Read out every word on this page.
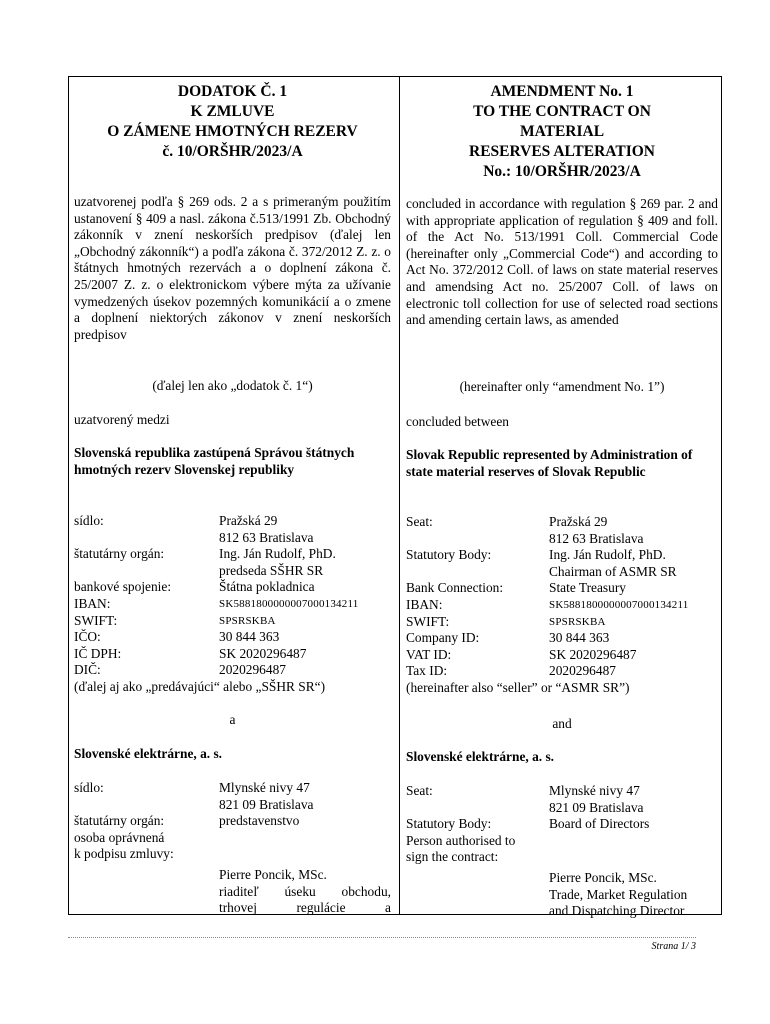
DODATOK Č. 1
K ZMLUVE
O ZÁMENE HMOTNÝCH REZERV
č. 10/ORŠHR/2023/A
uzatvorenej podľa § 269 ods. 2 a s primeraným použitím ustanovení § 409 a nasl. zákona č.513/1991 Zb. Obchodný zákonník v znení neskorších predpisov (ďalej len „Obchodný zákonník“) a podľa zákona č. 372/2012 Z. z. o štátnych hmotných rezervách a o doplnení zákona č. 25/2007 Z. z. o elektronickom výbere mýta za užívanie vymedzených úsekov pozemných komunikácií a o zmene a doplnení niektorých zákonov v znení neskorších predpisov
(ďalej len ako „dodatok č. 1“)
uzatvorený medzi
Slovenská republika zastúpená Správou štátnych hmotných rezerv Slovenskej republiky
sídlo:	Pražská 29
812 63 Bratislava
štatutárny orgán:	Ing. Ján Rudolf, PhD.
predseda SŠHR SR
bankové spojenie:	Štátna pokladnica
IBAN:	SK5881800000007000134211
SWIFT:	SPSRSKBA
IČO:	30 844 363
IČ DPH:	SK 2020296487
DIČ:	2020296487
(ďalej aj ako „predávajúci“ alebo „SŠHR SR“)
a
Slovenské elektrárne, a. s.
sídlo:	Mlynské nivy 47
821 09 Bratislava
štatutárny orgán:	predstavenstvo
osoba oprávnená
k podpisu zmluvy:
Pierre Poncik, MSc.
riaditeľ úseku obchodu,
trhovej regulácie a
AMENDMENT No. 1
TO THE CONTRACT ON
MATERIAL
RESERVES ALTERATION
No.: 10/ORŠHR/2023/A
concluded in accordance with regulation § 269 par. 2 and with appropriate application of regulation § 409 and foll. of the Act No. 513/1991 Coll. Commercial Code (hereinafter only „Commercial Code“) and according to Act No. 372/2012 Coll. of laws on state material reserves and amendsing Act no. 25/2007 Coll. of laws on electronic toll collection for use of selected road sections and amending certain laws, as amended
(hereinafter only “amendment No. 1”)
concluded between
Slovak Republic represented by Administration of state material reserves of Slovak Republic
Seat:	Pražská 29
812 63 Bratislava
Statutory Body:	Ing. Ján Rudolf, PhD.
Chairman of ASMR SR
Bank Connection:	State Treasury
IBAN:	SK5881800000007000134211
SWIFT:	SPSRSKBA
Company ID:	30 844 363
VAT ID:	SK 2020296487
Tax ID:	2020296487
(hereinafter also “seller” or “ASMR SR”)
and
Slovenské elektrárne, a. s.
Seat:	Mlynské nivy 47
821 09 Bratislava
Statutory Body:	Board of Directors
Person authorised to
sign the contract:
Pierre Poncik, MSc.
Trade, Market Regulation
and Dispatching Director
Strana 1/ 3
